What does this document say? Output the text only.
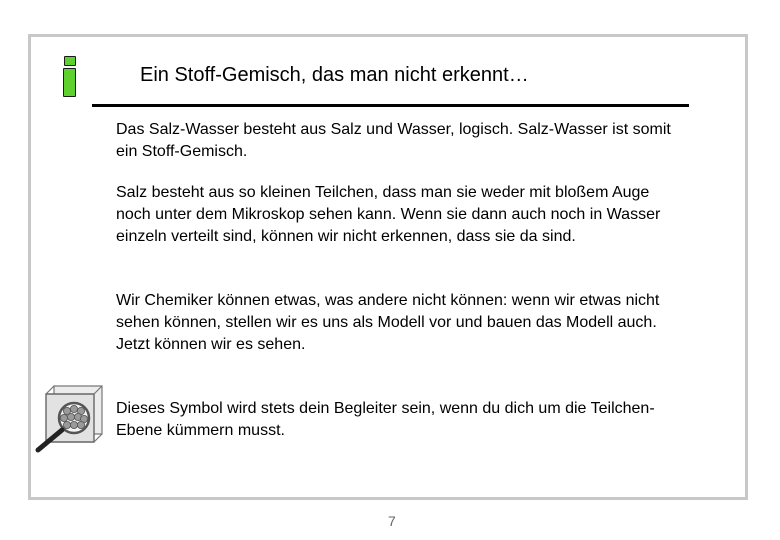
Ein Stoff-Gemisch, das man nicht erkennt…

Das Salz-Wasser besteht aus Salz und Wasser, logisch. Salz-Wasser ist somit ein Stoff-Gemisch.

Salz besteht aus so kleinen Teilchen, dass man sie weder mit bloßem Auge noch unter dem Mikroskop sehen kann. Wenn sie dann auch noch in Wasser einzeln verteilt sind, können wir nicht erkennen, dass sie da sind.

Wir Chemiker können etwas, was andere nicht können: wenn wir etwas nicht sehen können, stellen wir es uns als Modell vor und bauen das Modell auch. Jetzt können wir es sehen.

Dieses Symbol wird stets dein Begleiter sein, wenn du dich um die Teilchen-Ebene kümmern musst.

7
